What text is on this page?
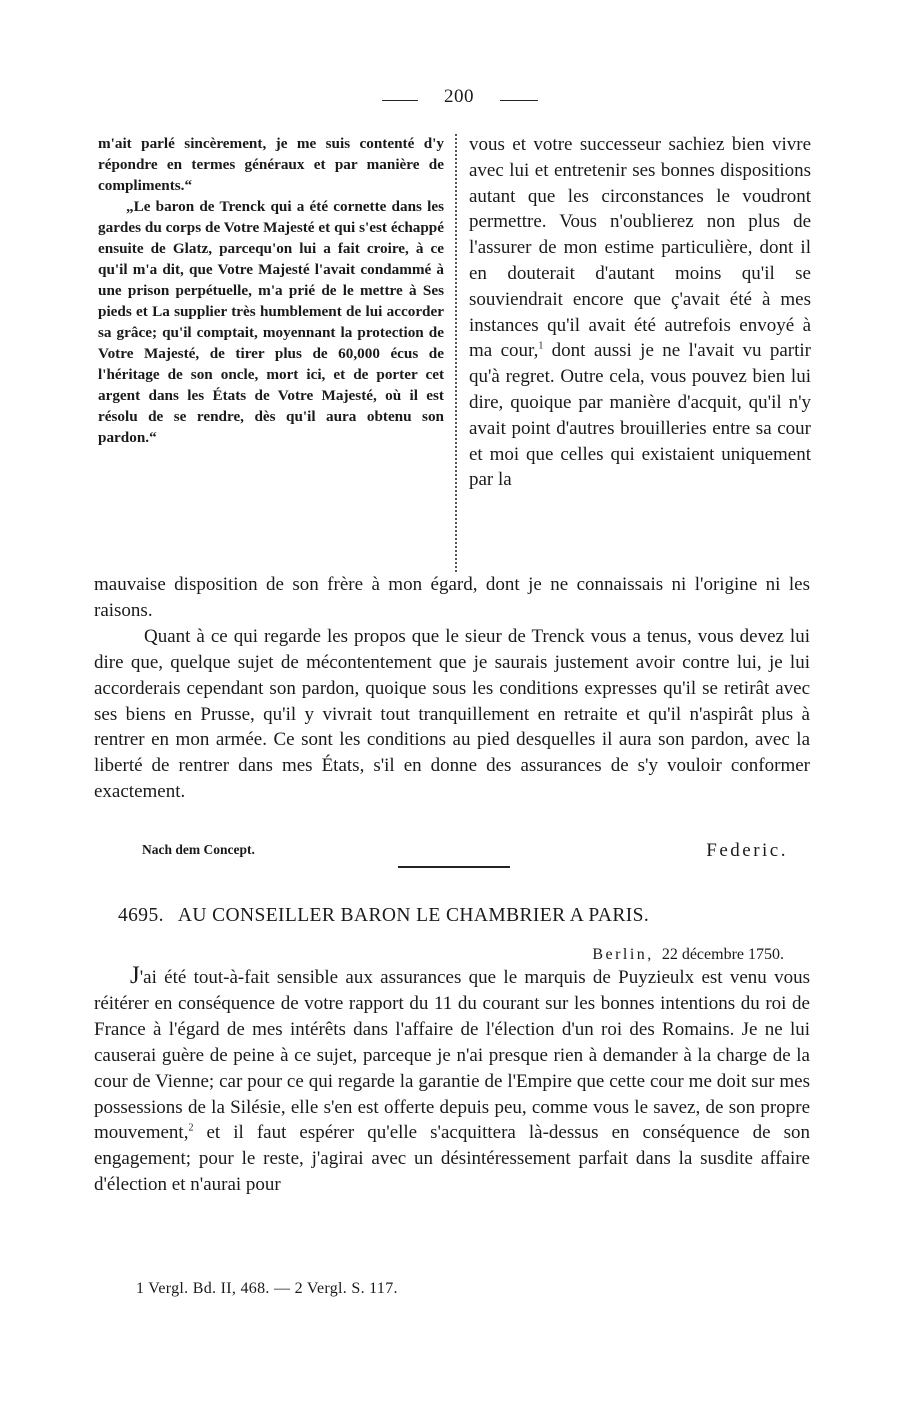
200

m'ait parlé sincèrement, je me suis contenté d'y répondre en termes généraux et par manière de compliments.“

„Le baron de Trenck qui a été cornette dans les gardes du corps de Votre Majesté et qui s'est échappé ensuite de Glatz, parcequ'on lui a fait croire, à ce qu'il m'a dit, que Votre Majesté l'avait condammé à une prison perpétuelle, m'a prié de le mettre à Ses pieds et La supplier très humblement de lui accorder sa grâce; qu'il comptait, moyennant la protection de Votre Majesté, de tirer plus de 60,000 écus de l'héritage de son oncle, mort ici, et de porter cet argent dans les États de Votre Majesté, où il est résolu de se rendre, dès qu'il aura obtenu son pardon.“

vous et votre successeur sachiez bien vivre avec lui et entretenir ses bonnes dispositions autant que les circonstances le voudront permettre. Vous n'oublierez non plus de l'assurer de mon estime particulière, dont il en douterait d'autant moins qu'il se souviendrait encore que ç'avait été à mes instances qu'il avait été autrefois envoyé à ma cour,$^1$ dont aussi je ne l'avait vu partir qu'à regret. Outre cela, vous pouvez bien lui dire, quoique par manière d'acquit, qu'il n'y avait point d'autres brouilleries entre sa cour et moi que celles qui existaient uniquement par la

mauvaise disposition de son frère à mon égard, dont je ne connaissais ni l'origine ni les raisons.

Quant à ce qui regarde les propos que le sieur de Trenck vous a tenus, vous devez lui dire que, quelque sujet de mécontentement que je saurais justement avoir contre lui, je lui accorderais cependant son pardon, quoique sous les conditions expresses qu'il se retirât avec ses biens en Prusse, qu'il y vivrait tout tranquillement en retraite et qu'il n'aspirât plus à rentrer en mon armée. Ce sont les conditions au pied desquelles il aura son pardon, avec la liberté de rentrer dans mes États, s'il en donne des assurances de s'y vouloir conformer exactement.

Nach dem Concept.	Federic.
4695. AU CONSEILLER BARON LE CHAMBRIER A PARIS.
Berlin, 22 décembre 1750.

J'ai été tout-à-fait sensible aux assurances que le marquis de Puyzieulx est venu vous réitérer en conséquence de votre rapport du 11 du courant sur les bonnes intentions du roi de France à l'égard de mes intérêts dans l'affaire de l'élection d'un roi des Romains. Je ne lui causerai guère de peine à ce sujet, parceque je n'ai presque rien à demander à la charge de la cour de Vienne; car pour ce qui regarde la garantie de l'Empire que cette cour me doit sur mes possessions de la Silésie, elle s'en est offerte depuis peu, comme vous le savez, de son propre mouvement,$^2$ et il faut espérer qu'elle s'acquittera là-dessus en conséquence de son engagement; pour le reste, j'agirai avec un désintéressement parfait dans la susdite affaire d'élection et n'aurai pour

1 Vergl. Bd. II, 468. — 2 Vergl. S. 117.
